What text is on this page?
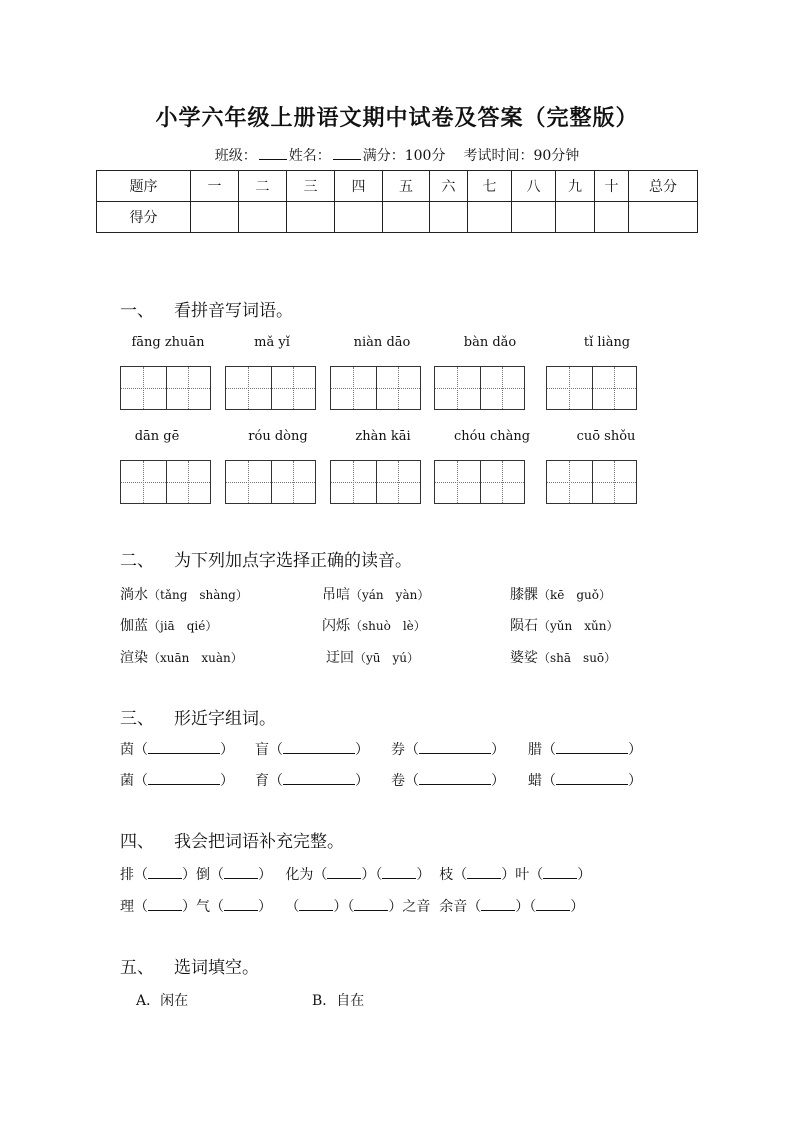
小学六年级上册语文期中试卷及答案（完整版）
班级： 姓名： 满分：100分 考试时间：90分钟
题序	一	二	三	四	五	六	七	八	九	十	总分
得分											
一、 看拼音写词语。
fāng zhuān	mǎ yǐ	niàn dāo	bàn dǎo	tǐ liàng
dān gē	róu dòng	zhàn kāi	chóu chàng	cuō shǒu
二、 为下列加点字选择正确的读音。
淌水（tǎng　shàng）	吊唁（yán　yàn）	膝髁（kē　guǒ）
伽蓝（jiā　qié）	闪烁（shuò　lè）	陨石（yǔn　xǔn）
渲染（xuān　xuàn）	迂回（yū　yú）	婆娑（shā　suō）
三、 形近字组词。
茵（	） 盲（	） 券（	） 腊（	）
菌（	） 育（	） 卷（	） 蜡（	）
四、 我会把词语补充完整。
排（ ）倒（ ）   化为（ ）（ ）  枝（ ）叶（ ）
理（ ）气（ ）   （ ）（ ）之音 余音（ ）（ ）
五、 选词填空。
A．闲在	B．自在
